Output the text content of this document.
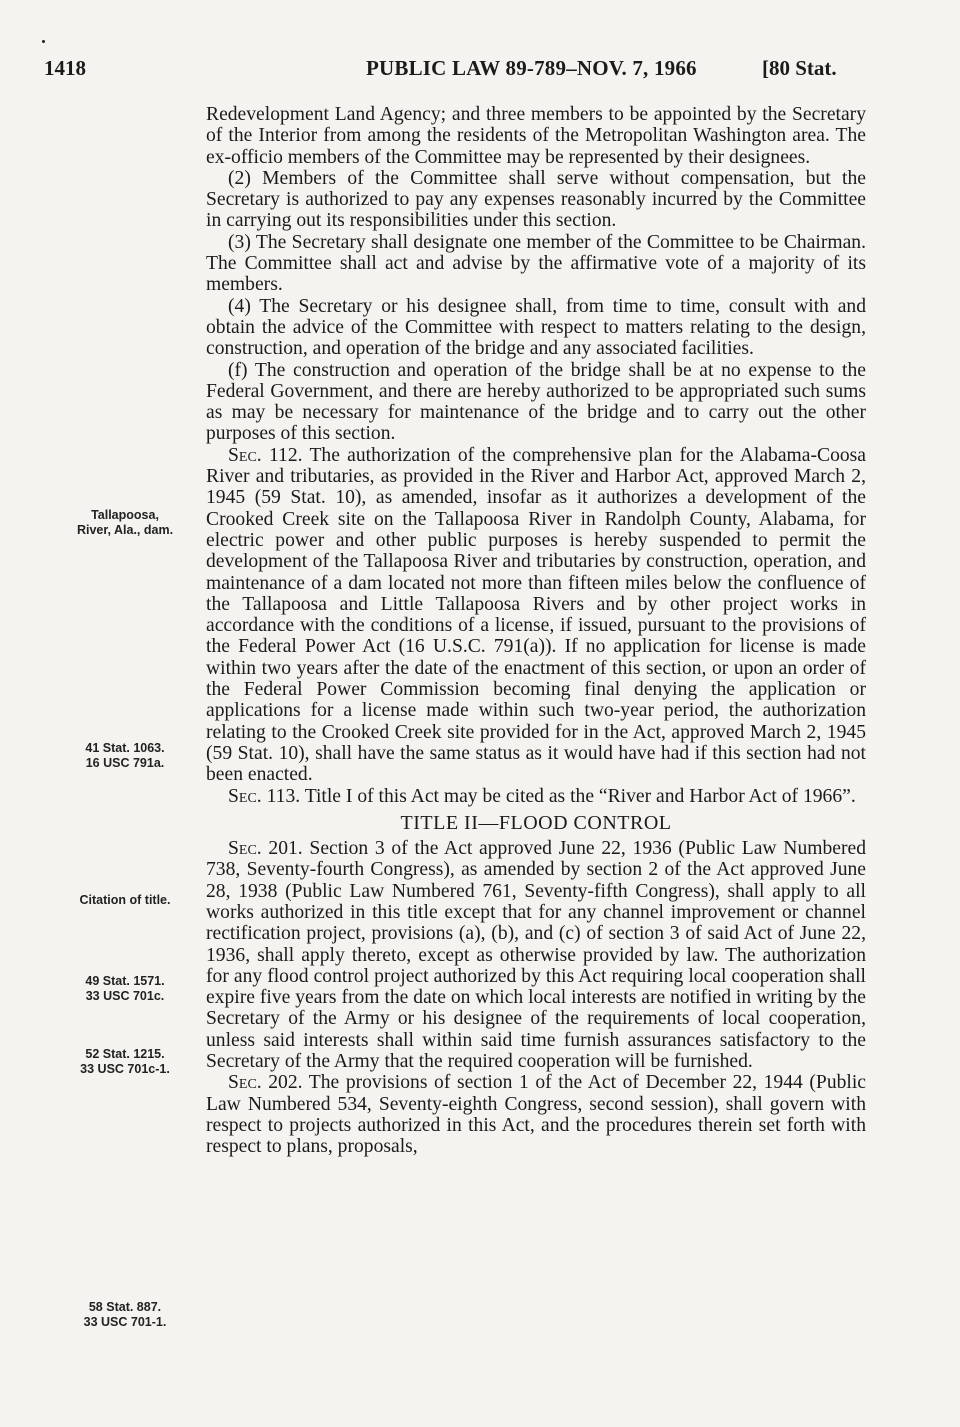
1418	PUBLIC LAW 89-789–NOV. 7, 1966	[80 Stat.
Tallapoosa,
River, Ala., dam.
41 Stat. 1063.
16 USC 791a.
Citation of title.
49 Stat. 1571.
33 USC 701c.
52 Stat. 1215.
33 USC 701c-1.
58 Stat. 887.
33 USC 701-1.

Redevelopment Land Agency; and three members to be appointed by the Secretary of the Interior from among the residents of the Metropolitan Washington area. The ex-officio members of the Committee may be represented by their designees.

(2) Members of the Committee shall serve without compensation, but the Secretary is authorized to pay any expenses reasonably incurred by the Committee in carrying out its responsibilities under this section.

(3) The Secretary shall designate one member of the Committee to be Chairman. The Committee shall act and advise by the affirmative vote of a majority of its members.

(4) The Secretary or his designee shall, from time to time, consult with and obtain the advice of the Committee with respect to matters relating to the design, construction, and operation of the bridge and any associated facilities.

(f) The construction and operation of the bridge shall be at no expense to the Federal Government, and there are hereby authorized to be appropriated such sums as may be necessary for maintenance of the bridge and to carry out the other purposes of this section.

Sec. 112. The authorization of the comprehensive plan for the Alabama-Coosa River and tributaries, as provided in the River and Harbor Act, approved March 2, 1945 (59 Stat. 10), as amended, insofar as it authorizes a development of the Crooked Creek site on the Tallapoosa River in Randolph County, Alabama, for electric power and other public purposes is hereby suspended to permit the development of the Tallapoosa River and tributaries by construction, operation, and maintenance of a dam located not more than fifteen miles below the confluence of the Tallapoosa and Little Tallapoosa Rivers and by other project works in accordance with the conditions of a license, if issued, pursuant to the provisions of the Federal Power Act (16 U.S.C. 791(a)). If no application for license is made within two years after the date of the enactment of this section, or upon an order of the Federal Power Commission becoming final denying the application or applications for a license made within such two-year period, the authorization relating to the Crooked Creek site provided for in the Act, approved March 2, 1945 (59 Stat. 10), shall have the same status as it would have had if this section had not been enacted.

Sec. 113. Title I of this Act may be cited as the “River and Harbor Act of 1966”.

TITLE II—FLOOD CONTROL

Sec. 201. Section 3 of the Act approved June 22, 1936 (Public Law Numbered 738, Seventy-fourth Congress), as amended by section 2 of the Act approved June 28, 1938 (Public Law Numbered 761, Seventy-fifth Congress), shall apply to all works authorized in this title except that for any channel improvement or channel rectification project, provisions (a), (b), and (c) of section 3 of said Act of June 22, 1936, shall apply thereto, except as otherwise provided by law. The authorization for any flood control project authorized by this Act requiring local cooperation shall expire five years from the date on which local interests are notified in writing by the Secretary of the Army or his designee of the requirements of local cooperation, unless said interests shall within said time furnish assurances satisfactory to the Secretary of the Army that the required cooperation will be furnished.

Sec. 202. The provisions of section 1 of the Act of December 22, 1944 (Public Law Numbered 534, Seventy-eighth Congress, second session), shall govern with respect to projects authorized in this Act, and the procedures therein set forth with respect to plans, proposals,
